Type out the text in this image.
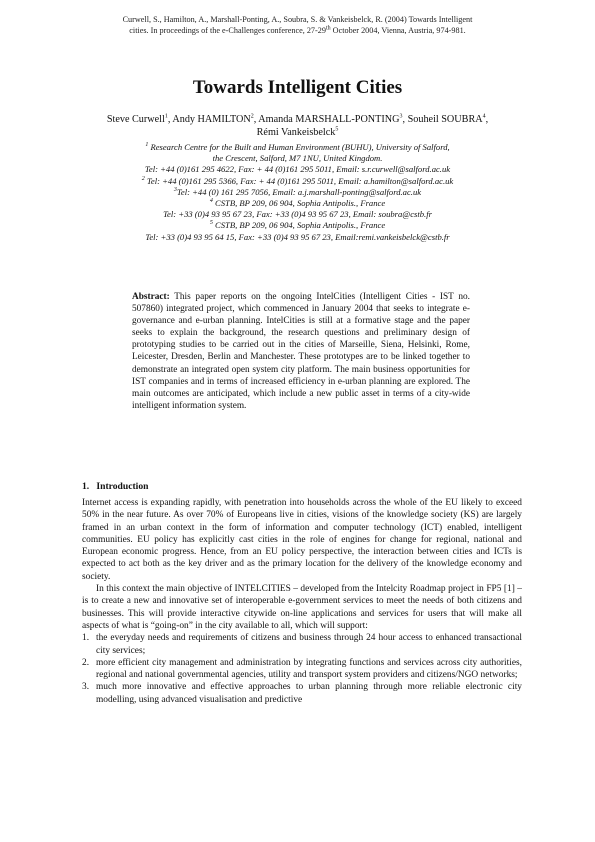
Curwell, S., Hamilton, A., Marshall-Ponting, A., Soubra, S. & Vankeisbelck, R. (2004) Towards Intelligent
cities. In proceedings of the e-Challenges conference, 27-29th October 2004, Vienna, Austria, 974-981.
Towards Intelligent Cities
Steve Curwell$^1$, Andy HAMILTON$^2$, Amanda MARSHALL-PONTING$^3$, Souheil SOUBRA$^4$, Rémi Vankeisbelck$^5$
$^1$ Research Centre for the Built and Human Environment (BUHU), University of Salford,
the Crescent, Salford, M7 1NU, United Kingdom.
Tel: +44 (0)161 295 4622, Fax: + 44 (0)161 295 5011, Email: s.r.curwell@salford.ac.uk
$^2$ Tel: +44 (0)161 295 5366, Fax: + 44 (0)161 295 5011, Email: a.hamilton@salford.ac.uk
$^3$Tel: +44 (0) 161 295 7056, Email: a.j.marshall-ponting@salford.ac.uk
$^4$ CSTB, BP 209, 06 904, Sophia Antipolis., France
Tel: +33 (0)4 93 95 67 23, Fax: +33 (0)4 93 95 67 23, Email: soubra@cstb.fr
$^5$ CSTB, BP 209, 06 904, Sophia Antipolis., France
Tel: +33 (0)4 93 95 64 15, Fax: +33 (0)4 93 95 67 23, Email:remi.vankeisbelck@cstb.fr
Abstract: This paper reports on the ongoing IntelCities (Intelligent Cities - IST no. 507860) integrated project, which commenced in January 2004 that seeks to integrate e-governance and e-urban planning. IntelCities is still at a formative stage and the paper seeks to explain the background, the research questions and preliminary design of prototyping studies to be carried out in the cities of Marseille, Siena, Helsinki, Rome, Leicester, Dresden, Berlin and Manchester. These prototypes are to be linked together to demonstrate an integrated open system city platform. The main business opportunities for IST companies and in terms of increased efficiency in e-urban planning are explored. The main outcomes are anticipated, which include a new public asset in terms of a city-wide intelligent information system.
1. Introduction

Internet access is expanding rapidly, with penetration into households across the whole of the EU likely to exceed 50% in the near future. As over 70% of Europeans live in cities, visions of the knowledge society (KS) are largely framed in an urban context in the form of information and computer technology (ICT) enabled, intelligent communities. EU policy has explicitly cast cities in the role of engines for change for regional, national and European economic progress. Hence, from an EU policy perspective, the interaction between cities and ICTs is expected to act both as the key driver and as the primary location for the delivery of the knowledge economy and society.

In this context the main objective of INTELCITIES – developed from the Intelcity Roadmap project in FP5 [1] – is to create a new and innovative set of interoperable e-government services to meet the needs of both citizens and businesses. This will provide interactive citywide on-line applications and services for users that will make all aspects of what is “going-on” in the city available to all, which will support:

1. the everyday needs and requirements of citizens and business through 24 hour access to enhanced transactional city services;
2. more efficient city management and administration by integrating functions and services across city authorities, regional and national governmental agencies, utility and transport system providers and citizens/NGO networks;
3. much more innovative and effective approaches to urban planning through more reliable electronic city modelling, using advanced visualisation and predictive
